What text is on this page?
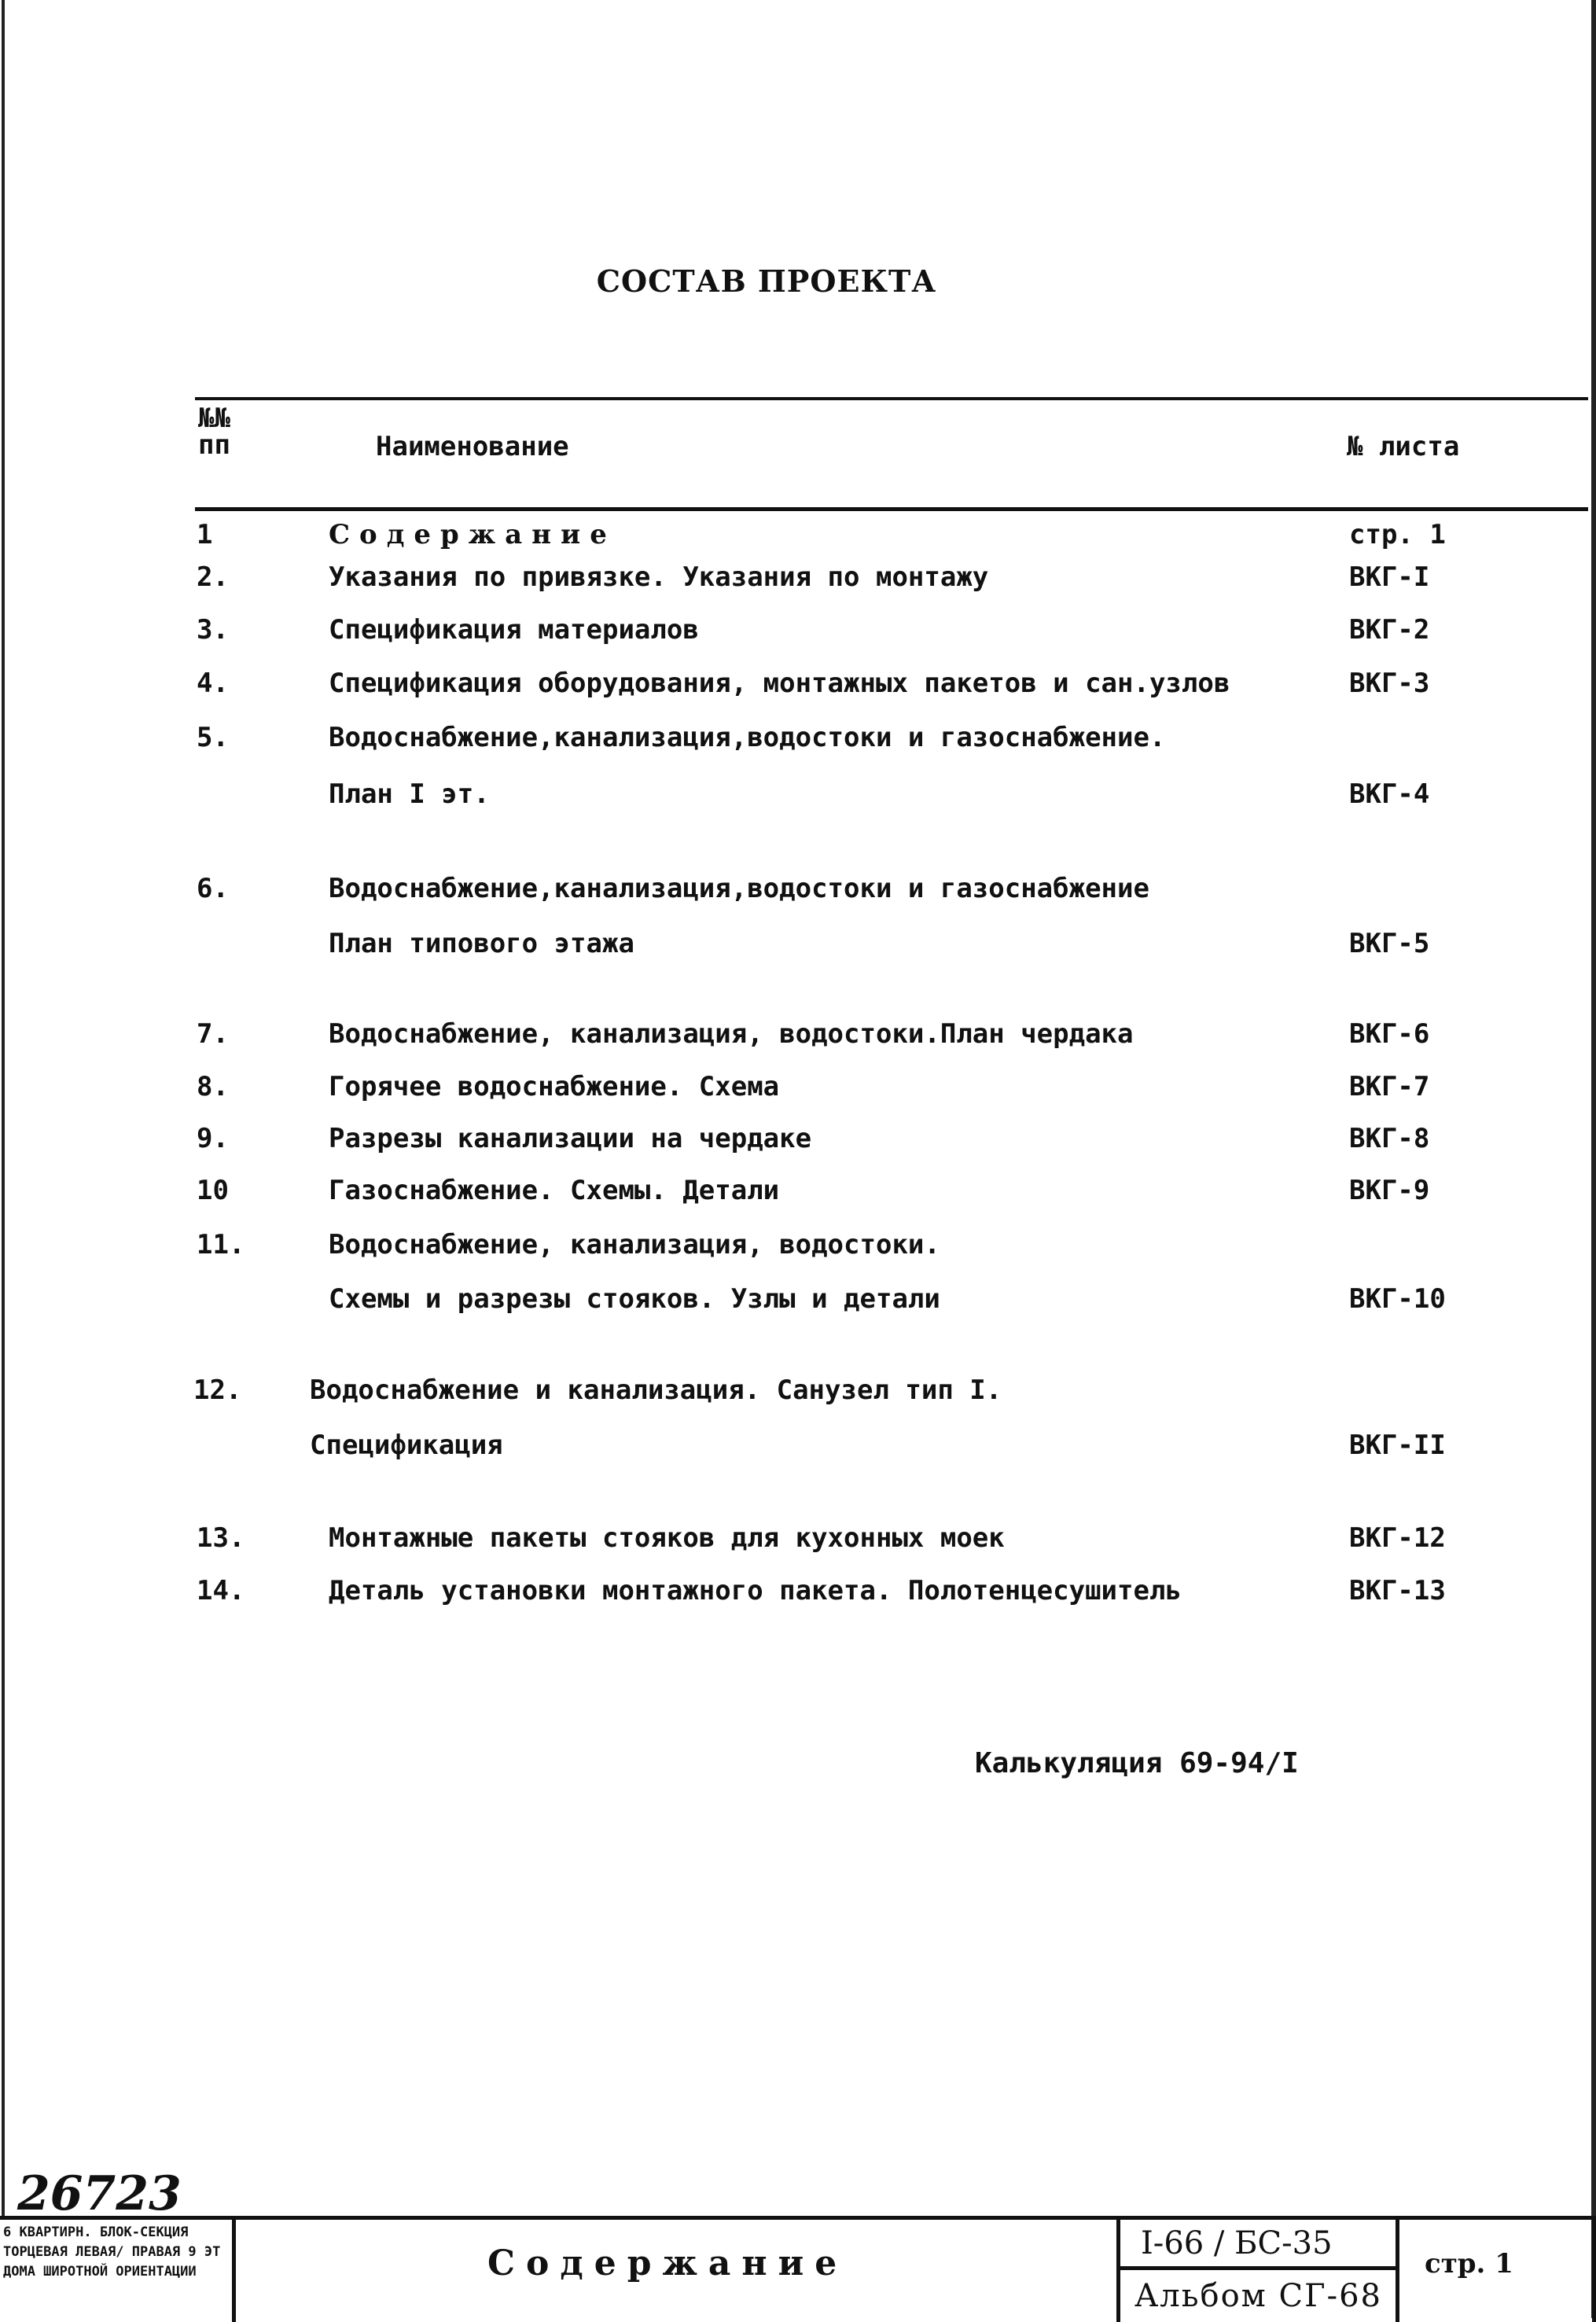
СОСТАВ ПРОЕКТА
№№ пп	Наименование	№ листа
1	Содержание	стр. 1
2.	Указания по привязке. Указания по монтажу	ВКГ-I
3.	Спецификация материалов	ВКГ-2
4.	Спецификация оборудования, монтажных пакетов и сан.узлов	ВКГ-3
5.	Водоснабжение,канализация,водостоки и газоснабжение.
План I эт.	ВКГ-4
6.	Водоснабжение,канализация,водостоки и газоснабжение
План типового этажа	ВКГ-5
7.	Водоснабжение, канализация, водостоки.План чердака	ВКГ-6
8.	Горячее водоснабжение. Схема	ВКГ-7
9.	Разрезы канализации на чердаке	ВКГ-8
10	Газоснабжение. Схемы. Детали	ВКГ-9
11.	Водоснабжение, канализация, водостоки.
Схемы и разрезы стояков. Узлы и детали	ВКГ-10
12.	Водоснабжение и канализация. Санузел тип I.
Спецификация	ВКГ-II
13.	Монтажные пакеты стояков для кухонных моек	ВКГ-12
14.	Деталь установки монтажного пакета. Полотенцесушитель	ВКГ-13
Калькуляция 69-94/I
26723
6 КВАРТИРН. БЛОК-СЕКЦИЯ ТОРЦЕВАЯ ЛЕВАЯ/ ПРАВАЯ 9 ЭТ ДОМА ШИРОТНОЙ ОРИЕНТАЦИИ	Содержание	I-66 / БС-35
Альбом СГ-68
стр. 1
